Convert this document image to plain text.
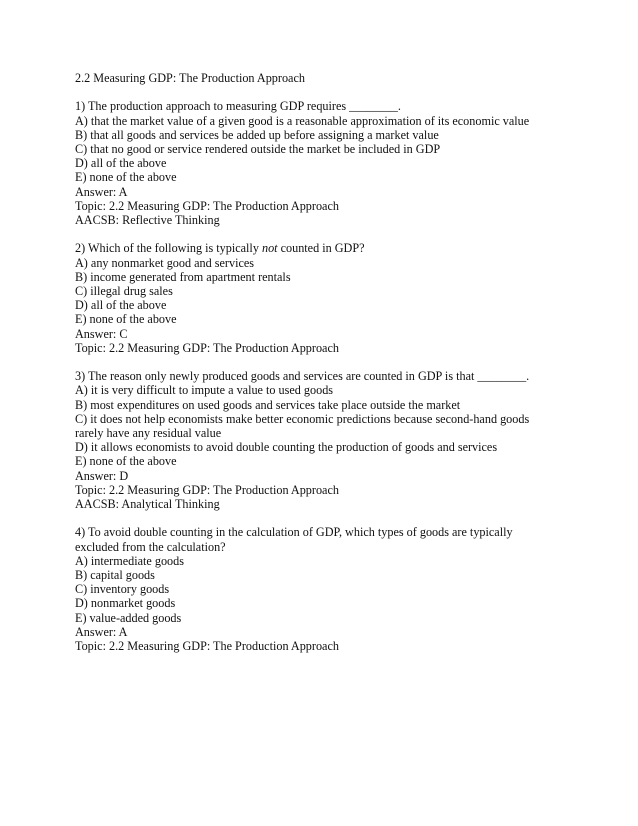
2.2 Measuring GDP: The Production Approach
1) The production approach to measuring GDP requires ________.
A) that the market value of a given good is a reasonable approximation of its economic value
B) that all goods and services be added up before assigning a market value
C) that no good or service rendered outside the market be included in GDP
D) all of the above
E) none of the above
Answer: A
Topic: 2.2 Measuring GDP: The Production Approach
AACSB: Reflective Thinking
2) Which of the following is typically not counted in GDP?
A) any nonmarket good and services
B) income generated from apartment rentals
C) illegal drug sales
D) all of the above
E) none of the above
Answer: C
Topic: 2.2 Measuring GDP: The Production Approach
3) The reason only newly produced goods and services are counted in GDP is that ________.
A) it is very difficult to impute a value to used goods
B) most expenditures on used goods and services take place outside the market
C) it does not help economists make better economic predictions because second-hand goods
rarely have any residual value
D) it allows economists to avoid double counting the production of goods and services
E) none of the above
Answer: D
Topic: 2.2 Measuring GDP: The Production Approach
AACSB: Analytical Thinking
4) To avoid double counting in the calculation of GDP, which types of goods are typically
excluded from the calculation?
A) intermediate goods
B) capital goods
C) inventory goods
D) nonmarket goods
E) value-added goods
Answer: A
Topic: 2.2 Measuring GDP: The Production Approach
